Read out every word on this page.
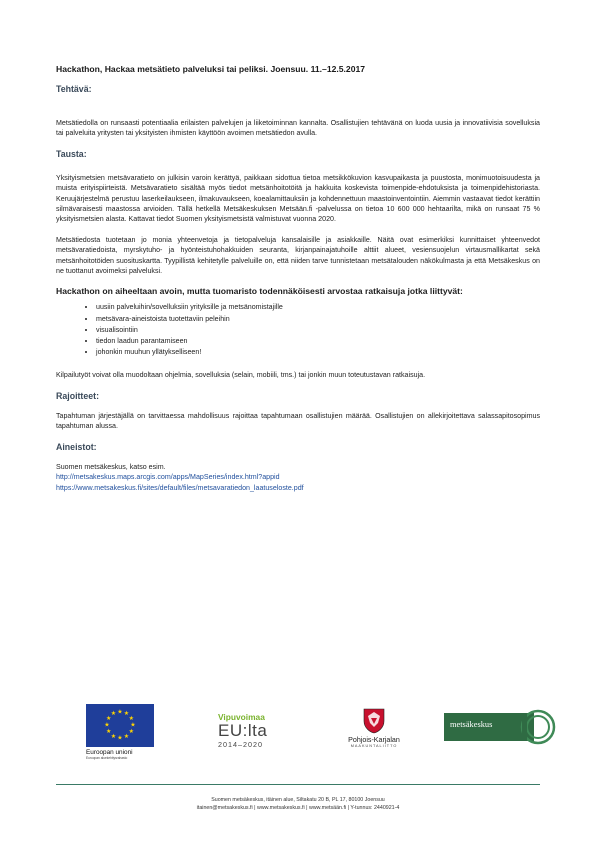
Hackathon, Hackaa metsätieto palveluksi tai peliksi. Joensuu. 11.–12.5.2017
Tehtävä:
Metsätiedolla on runsaasti potentiaalia erilaisten palvelujen ja liiketoiminnan kannalta. Osallistujien tehtävänä on luoda uusia ja innovatiivisia sovelluksia tai palveluita yritysten tai yksityisten ihmisten käyttöön avoimen metsätiedon avulla.
Tausta:
Yksityismetsien metsävaratieto on julkisin varoin kerättyä, paikkaan sidottua tietoa metsikkökuvion kasvupaikasta ja puustosta, monimuotoisuudesta ja muista erityispiirteistä. Metsävaratieto sisältää myös tiedot metsänhoitotöitä ja hakkuita koskevista toimenpide-ehdotuksista ja toimenpidehistoriasta. Keruujärjestelmä perustuu laserkeilaukseen, ilmakuvaukseen, koealamittauksiin ja kohdennettuun maastoinventointiin. Aiemmin vastaavat tiedot kerättiin silmävaraisesti maastossa arvioiden. Tällä hetkellä Metsäkeskuksen Metsään.fi -palvelussa on tietoa 10 600 000 hehtaarilta, mikä on runsaat 75 % yksityismetsien alasta. Kattavat tiedot Suomen yksityismetsistä valmistuvat vuonna 2020.
Metsätiedosta tuotetaan jo monia yhteenvetoja ja tietopalveluja kansalaisille ja asiakkaille. Näitä ovat esimerkiksi kunnittaiset yhteenvedot metsävaratiedoista, myrskytuho- ja hyönteistuhohakkuiden seuranta, kirjanpainajatuhoille alttiit alueet, vesiensuojelun virtausmallikartat sekä metsänhoitotöiden suosituskartta. Tyypillistä kehitetylle palveluille on, että niiden tarve tunnistetaan metsätalouden näkökulmasta ja että Metsäkeskus on ne tuottanut avoimeksi palveluksi.
Hackathon on aiheeltaan avoin, mutta tuomaristo todennäköisesti arvostaa ratkaisuja jotka liittyvät:
• uusiin palveluihin/sovelluksiin yrityksille ja metsänomistajille
• metsävara-aineistoista tuotettaviin peleihin
• visualisointiin
• tiedon laadun parantamiseen
• johonkin muuhun yllätykselliseen!
Kilpailutyöt voivat olla muodoltaan ohjelmia, sovelluksia (selain, mobiili, tms.) tai jonkin muun toteutustavan ratkaisuja.
Rajoitteet:
Tapahtuman järjestäjällä on tarvittaessa mahdollisuus rajoittaa tapahtumaan osallistujien määrää. Osallistujien on allekirjoitettava salassapitosopimus tapahtuman alussa.
Aineistot:
Suomen metsäkeskus, katso esim.
http://metsakeskus.maps.arcgis.com/apps/MapSeries/index.html?appid
https://www.metsakeskus.fi/sites/default/files/metsavaratiedon_laatuseloste.pdf
★ ★
★
★
★
★
★
★
★
★
★
★
Euroopan unioni
Euroopan aluekehitysrahasto
Vipuvoimaa
EU:lta
2014–2020	Pohjois-Karjalan
MAAKUNTALIITTO
metsäkeskus
Suomen metsäkeskus, itäinen alue, Siltakatu 20 B, PL 17, 80100 Joensuu
itainen@metsakeskus.fi | www.metsakeskus.fi | www.metsään.fi | Y-tunnus: 2440921-4
